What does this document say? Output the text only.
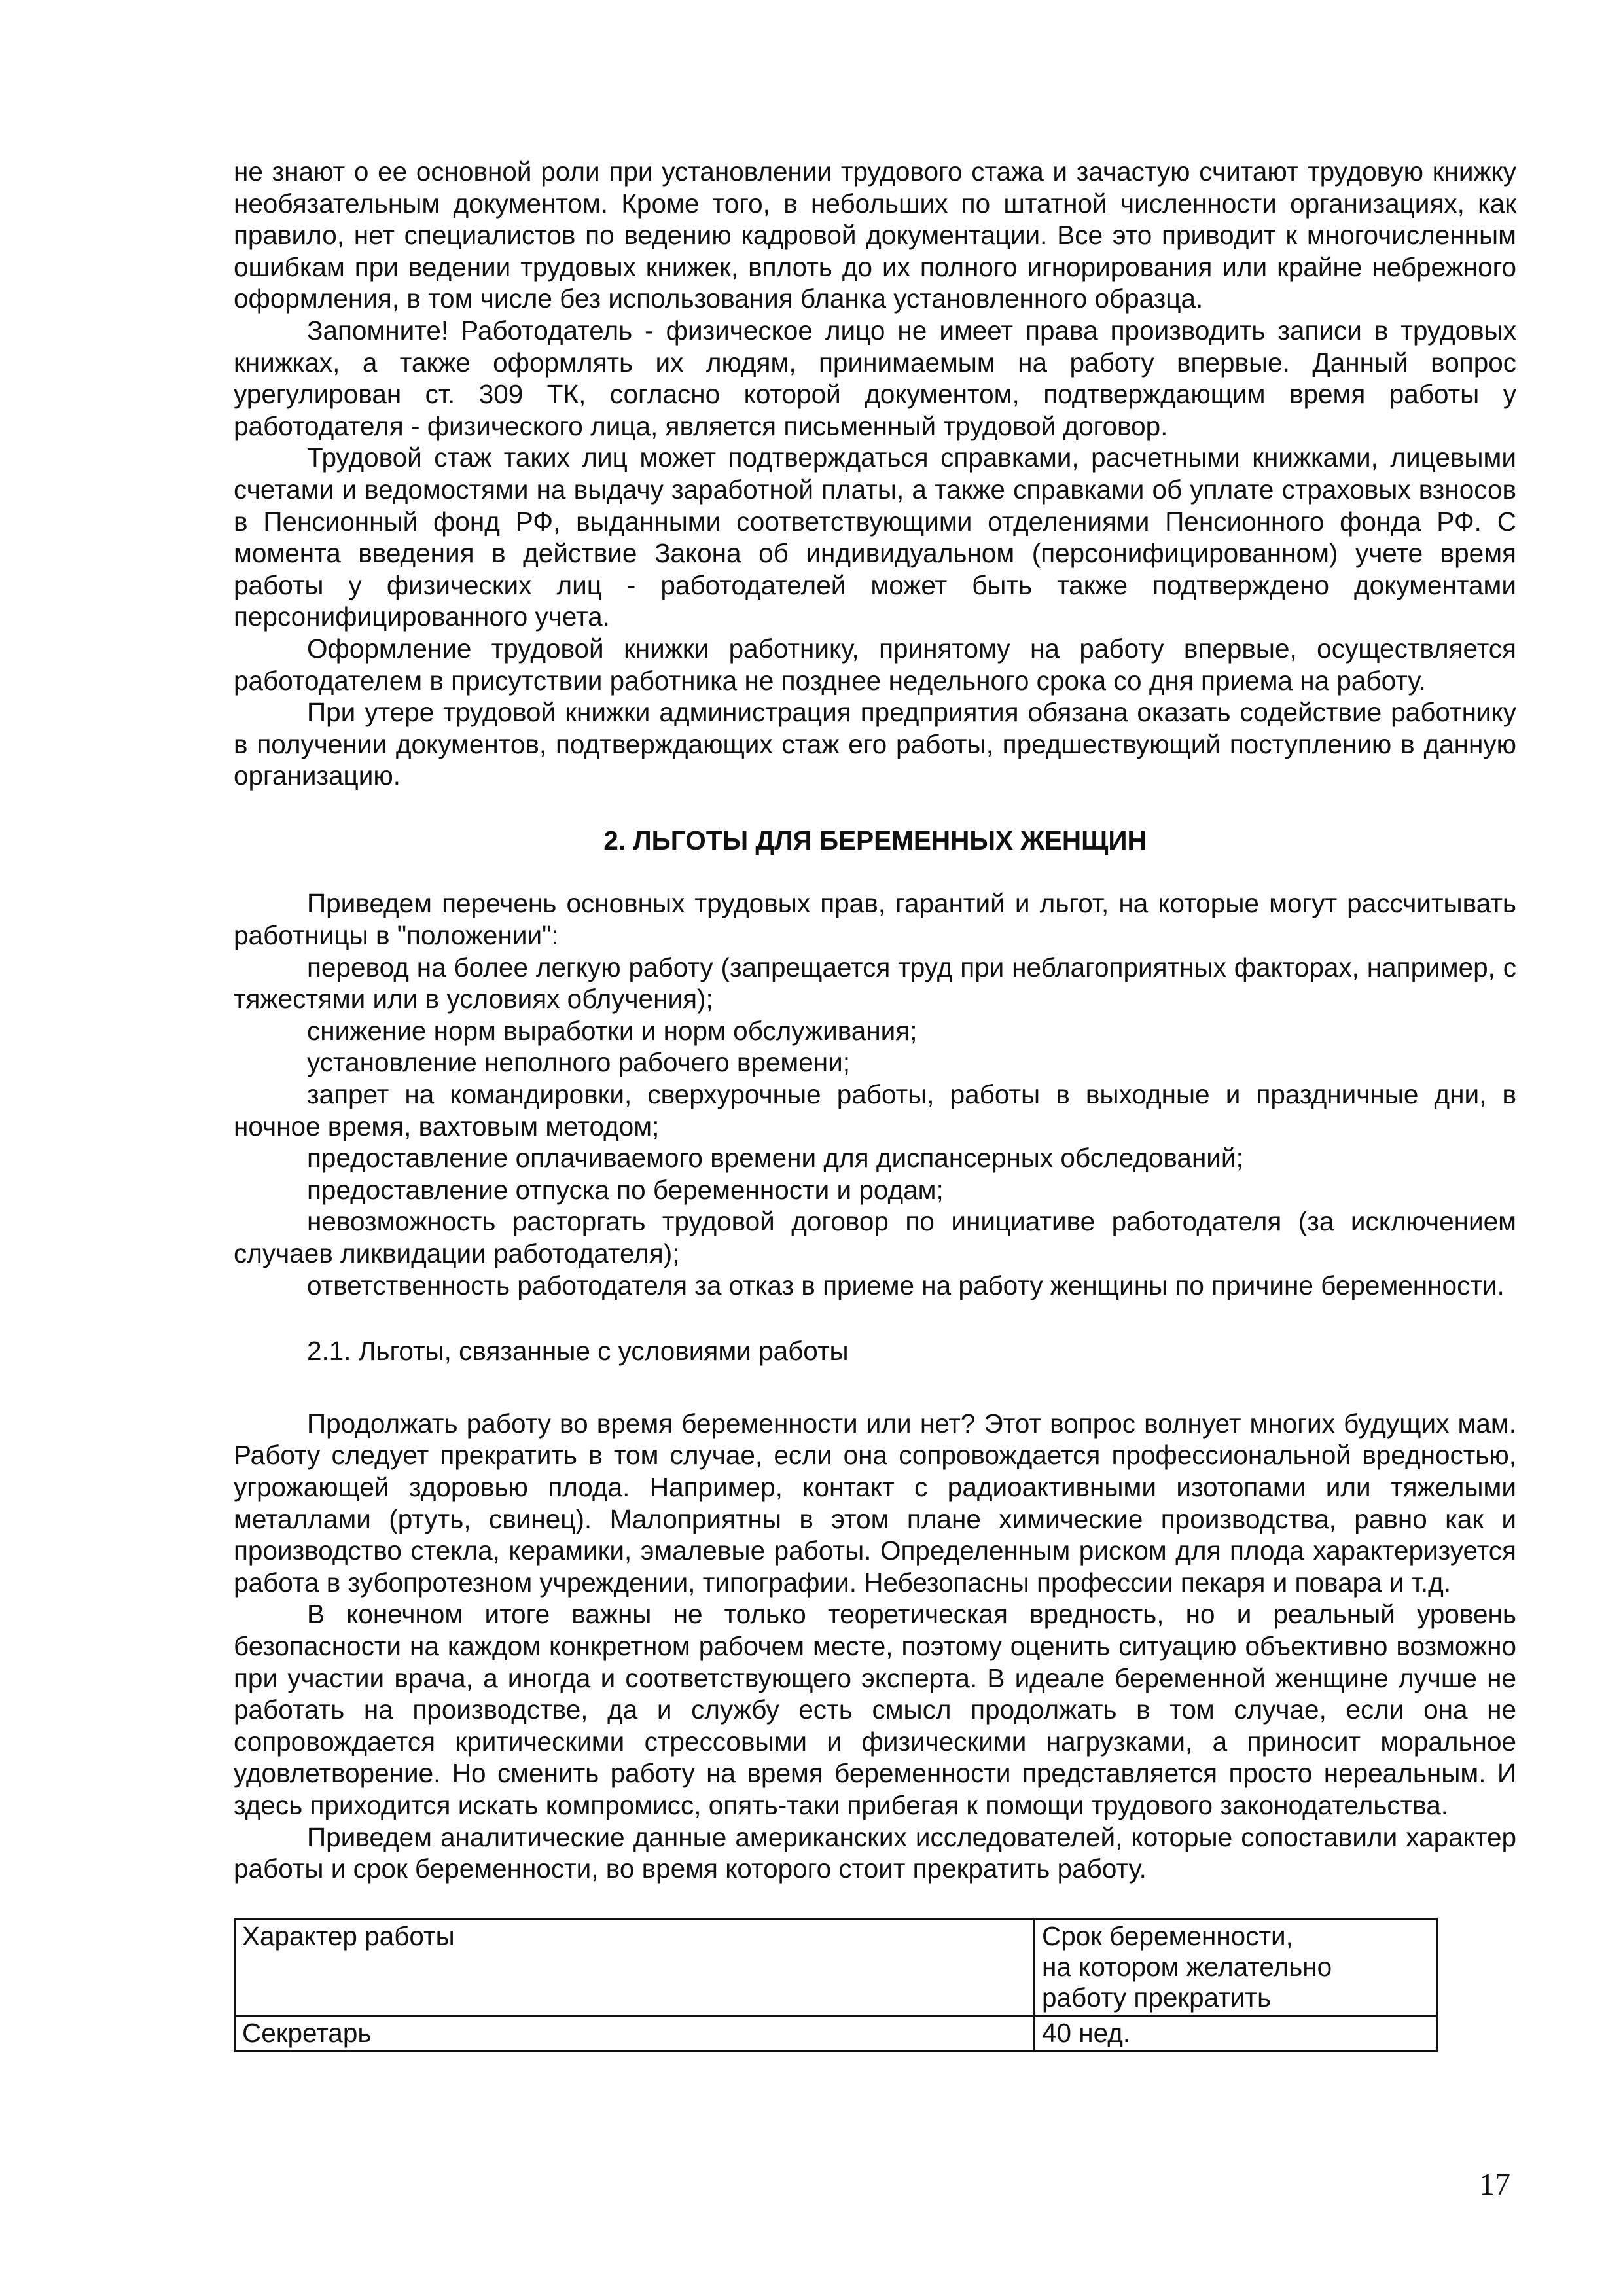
не знают о ее основной роли при установлении трудового стажа и зачастую считают трудовую книжку необязательным документом. Кроме того, в небольших по штатной численности организациях, как правило, нет специалистов по ведению кадровой документации. Все это приводит к многочисленным ошибкам при ведении трудовых книжек, вплоть до их полного игнорирования или крайне небрежного оформления, в том числе без использования бланка установленного образца.

Запомните! Работодатель - физическое лицо не имеет права производить записи в трудовых книжках, а также оформлять их людям, принимаемым на работу впервые. Данный вопрос урегулирован ст. 309 ТК, согласно которой документом, подтверждающим время работы у работодателя - физического лица, является письменный трудовой договор.

Трудовой стаж таких лиц может подтверждаться справками, расчетными книжками, лицевыми счетами и ведомостями на выдачу заработной платы, а также справками об уплате страховых взносов в Пенсионный фонд РФ, выданными соответствующими отделениями Пенсионного фонда РФ. С момента введения в действие Закона об индивидуальном (персонифицированном) учете время работы у физических лиц - работодателей может быть также подтверждено документами персонифицированного учета.

Оформление трудовой книжки работнику, принятому на работу впервые, осуществляется работодателем в присутствии работника не позднее недельного срока со дня приема на работу.

При утере трудовой книжки администрация предприятия обязана оказать содействие работнику в получении документов, подтверждающих стаж его работы, предшествующий поступлению в данную организацию.

2. ЛЬГОТЫ ДЛЯ БЕРЕМЕННЫХ ЖЕНЩИН

Приведем перечень основных трудовых прав, гарантий и льгот, на которые могут рассчитывать работницы в "положении":

перевод на более легкую работу (запрещается труд при неблагоприятных факторах, например, с тяжестями или в условиях облучения);

снижение норм выработки и норм обслуживания;

установление неполного рабочего времени;

запрет на командировки, сверхурочные работы, работы в выходные и праздничные дни, в ночное время, вахтовым методом;

предоставление оплачиваемого времени для диспансерных обследований;

предоставление отпуска по беременности и родам;

невозможность расторгать трудовой договор по инициативе работодателя (за исключением случаев ликвидации работодателя);

ответственность работодателя за отказ в приеме на работу женщины по причине беременности.

2.1. Льготы, связанные с условиями работы

Продолжать работу во время беременности или нет? Этот вопрос волнует многих будущих мам. Работу следует прекратить в том случае, если она сопровождается профессиональной вредностью, угрожающей здоровью плода. Например, контакт с радиоактивными изотопами или тяжелыми металлами (ртуть, свинец). Малоприятны в этом плане химические производства, равно как и производство стекла, керамики, эмалевые работы. Определенным риском для плода характеризуется работа в зубопротезном учреждении, типографии. Небезопасны профессии пекаря и повара и т.д.

В конечном итоге важны не только теоретическая вредность, но и реальный уровень безопасности на каждом конкретном рабочем месте, поэтому оценить ситуацию объективно возможно при участии врача, а иногда и соответствующего эксперта. В идеале беременной женщине лучше не работать на производстве, да и службу есть смысл продолжать в том случае, если она не сопровождается критическими стрессовыми и физическими нагрузками, а приносит моральное удовлетворение. Но сменить работу на время беременности представляется просто нереальным. И здесь приходится искать компромисс, опять-таки прибегая к помощи трудового законодательства.

Приведем аналитические данные американских исследователей, которые сопоставили характер работы и срок беременности, во время которого стоит прекратить работу.

Характер работы	Срок беременности,
на котором желательно
работу прекратить

Секретарь	40 нед.
17
